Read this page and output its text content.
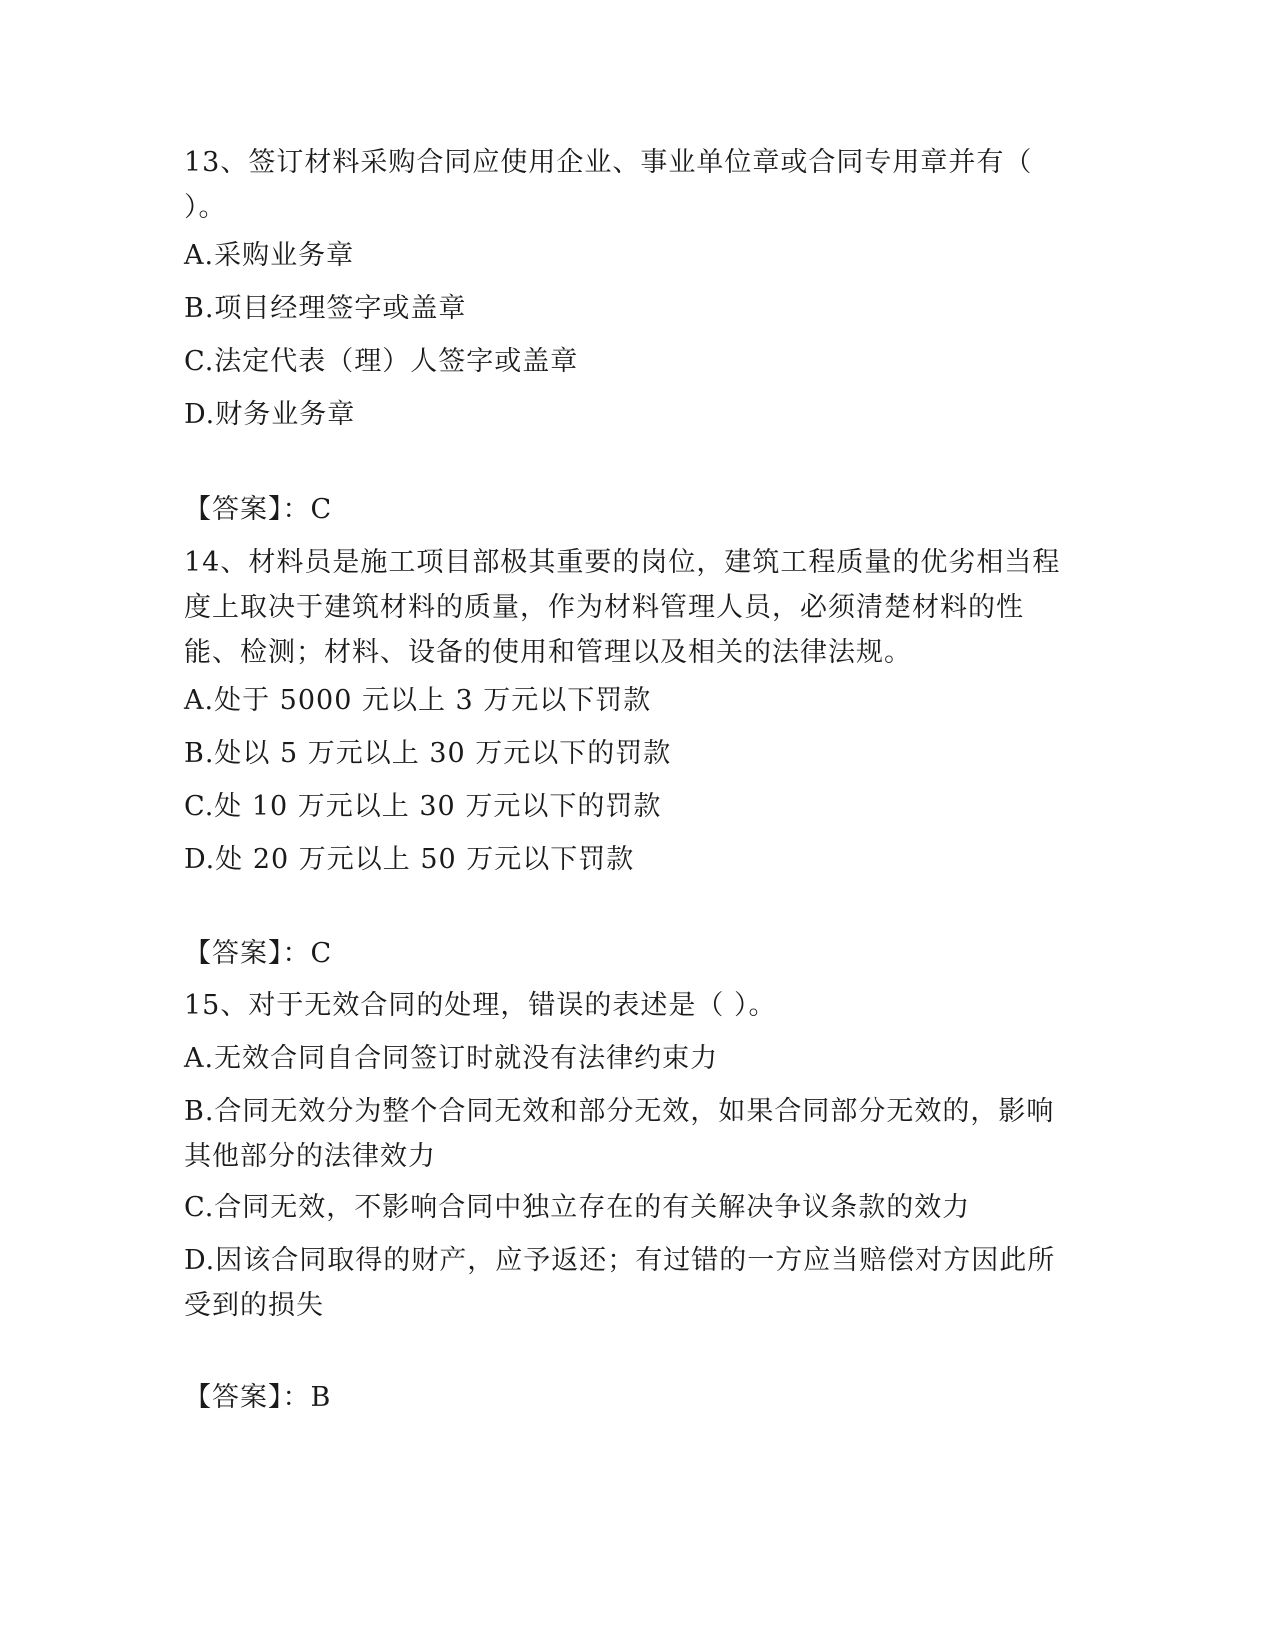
13、签订材料采购合同应使用企业、事业单位章或合同专用章并有（ ）。
A.采购业务章
B.项目经理签字或盖章
C.法定代表（理）人签字或盖章
D.财务业务章
【答案】：C
14、材料员是施工项目部极其重要的岗位，建筑工程质量的优劣相当程度上取决于建筑材料的质量，作为材料管理人员，必须清楚材料的性能、检测；材料、设备的使用和管理以及相关的法律法规。
A.处于 5000 元以上 3 万元以下罚款
B.处以 5 万元以上 30 万元以下的罚款
C.处 10 万元以上 30 万元以下的罚款
D.处 20 万元以上 50 万元以下罚款
【答案】：C
15、对于无效合同的处理，错误的表述是（ ）。
A.无效合同自合同签订时就没有法律约束力
B.合同无效分为整个合同无效和部分无效，如果合同部分无效的，影响其他部分的法律效力
C.合同无效，不影响合同中独立存在的有关解决争议条款的效力
D.因该合同取得的财产，应予返还；有过错的一方应当赔偿对方因此所受到的损失
【答案】：B
